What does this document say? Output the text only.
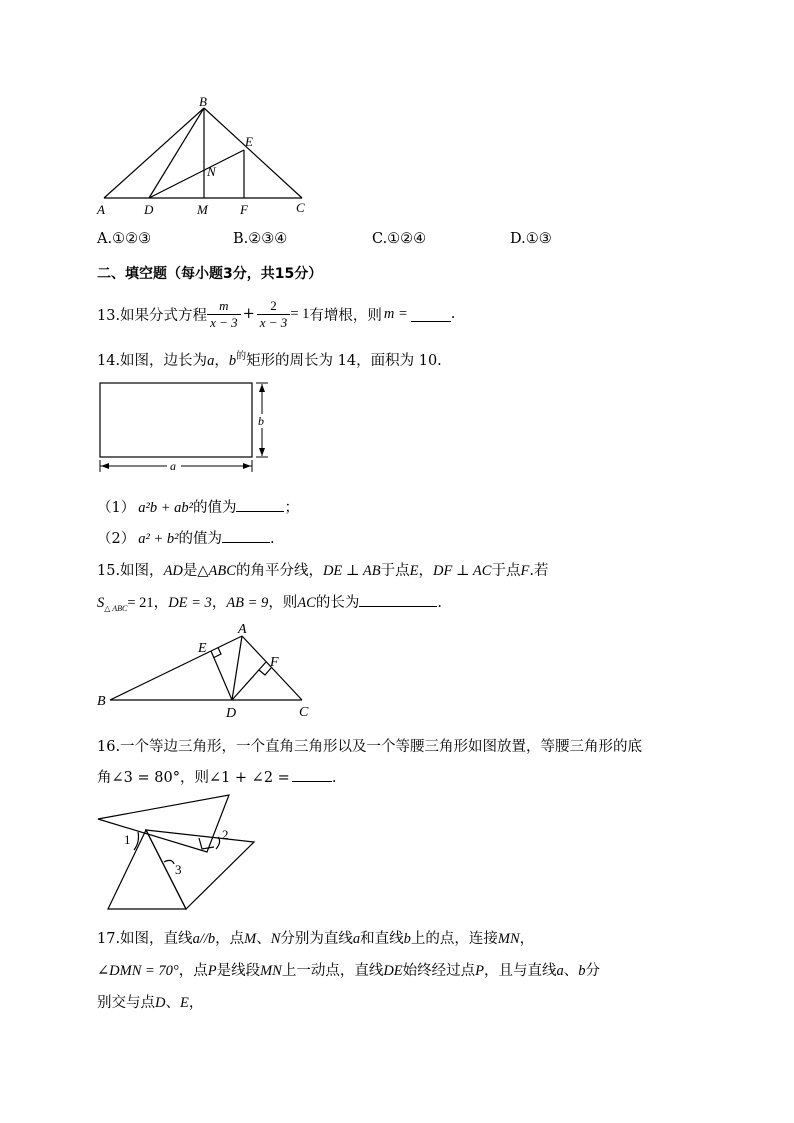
A
B
C
D
E
F
M
N
A.①②③	B.②③④	C.①②④	D.①③
二、填空题（每小题3分，共15分）
13.如果分式方程 $\frac{m}{x - 3} + \frac{2}{x - 3} = 1$ 有增根，则 m =	.
14.如图，边长为a，$b^的$矩形的周长为 14，面积为 10.
b
a
（1） a²b + ab²的值为	；
（2） a² + b²的值为	.
15.如图，AD是△ABC的角平分线，DE ⊥ AB于点E，DF ⊥ AC于点F.若
$S_{\triangle ABC}= 21$，DE = 3，AB = 9，则AC的长为	.
A
B
C
D
E
F
16.一个等边三角形，一个直角三角形以及一个等腰三角形如图放置，等腰三角形的底
角∠3 = 80°，则∠1 + ∠2 =	.
1	2
3
17.如图，直线a//b，点M、N分别为直线a和直线b上的点，连接MN，
∠DMN = 70°，点P是线段MN上一动点，直线DE始终经过点P，且与直线a、b分
别交与点D、E，
